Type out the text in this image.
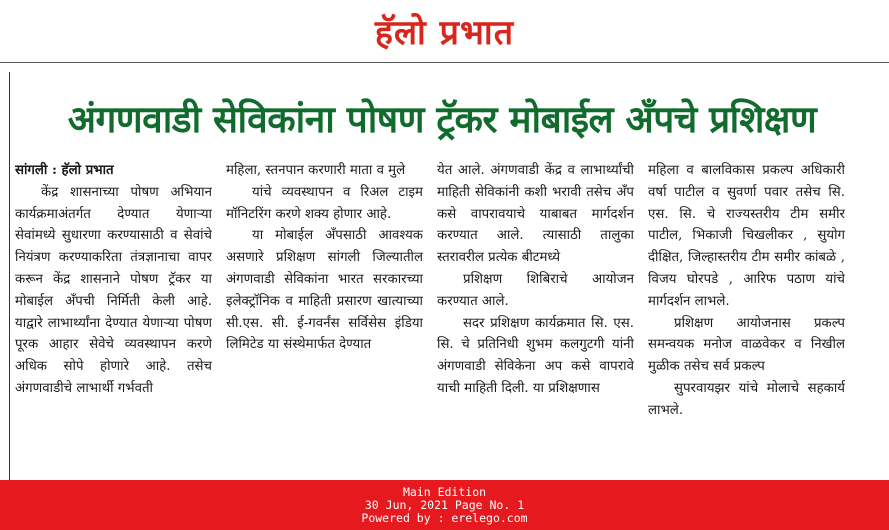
हॅलो प्रभात
अंगणवाडी सेविकांना पोषण ट्रॅकर मोबाईल अँपचे प्रशिक्षण

सांगली : हॅलो प्रभात

केंद्र शासनाच्या पोषण अभियान कार्यक्रमाअंतर्गत देण्यात येणाऱ्या सेवांमध्ये सुधारणा करण्यासाठी व सेवांचे नियंत्रण करण्याकरिता तंत्रज्ञानाचा वापर करून केंद्र शासनाने पोषण ट्रॅकर या मोबाईल अँपची निर्मिती केली आहे. याद्वारे लाभार्थ्यांना देण्यात येणाऱ्या पोषण पूरक आहार सेवेचे व्यवस्थापन करणे अधिक सोपे होणारे आहे. तसेच अंगणवाडीचे लाभार्थी गर्भवती

महिला, स्तनपान करणारी माता व मुले

यांचे व्यवस्थापन व रिअल टाइम मॉनिटरिंग करणे शक्य होणार आहे.

या मोबाईल अँपसाठी आवश्यक असणारे प्रशिक्षण सांगली जिल्यातील अंगणवाडी सेविकांना भारत सरकारच्या इलेक्ट्रॉनिक व माहिती प्रसारण खात्याच्या सी.एस. सी. ई-गवर्नंस सर्विसेस इंडिया लिमिटेड या संस्थेमार्फत देण्यात

येत आले. अंगणवाडी केंद्र व लाभार्थ्यांची माहिती सेविकांनी कशी भरावी तसेच अँप कसे वापरावयाचे याबाबत मार्गदर्शन करण्यात आले. त्यासाठी तालुका स्तरावरील प्रत्येक बीटमध्ये

प्रशिक्षण शिबिराचे आयोजन करण्यात आले.

सदर प्रशिक्षण कार्यक्रमात सि. एस. सि. चे प्रतिनिधी शुभम कलगुटगी यांनी अंगणवाडी सेविकेना अप कसे वापरावे याची माहिती दिली. या प्रशिक्षणास

महिला व बालविकास प्रकल्प अधिकारी वर्षा पाटील व सुवर्णा पवार तसेच सि. एस. सि. चे राज्यस्तरीय टीम समीर पाटील, भिकाजी चिखलीकर , सुयोग दीक्षित, जिल्हास्तरीय टीम समीर कांबळे , विजय घोरपडे , आरिफ पठाण यांचे मार्गदर्शन लाभले.

प्रशिक्षण आयोजनास प्रकल्प समन्वयक मनोज वाळवेकर व निखील मुळीक तसेच सर्व प्रकल्प

सुपरवायझर यांचे मोलाचे सहकार्य लाभले.

Main Edition
30 Jun, 2021 Page No. 1
Powered by : erelego.com
